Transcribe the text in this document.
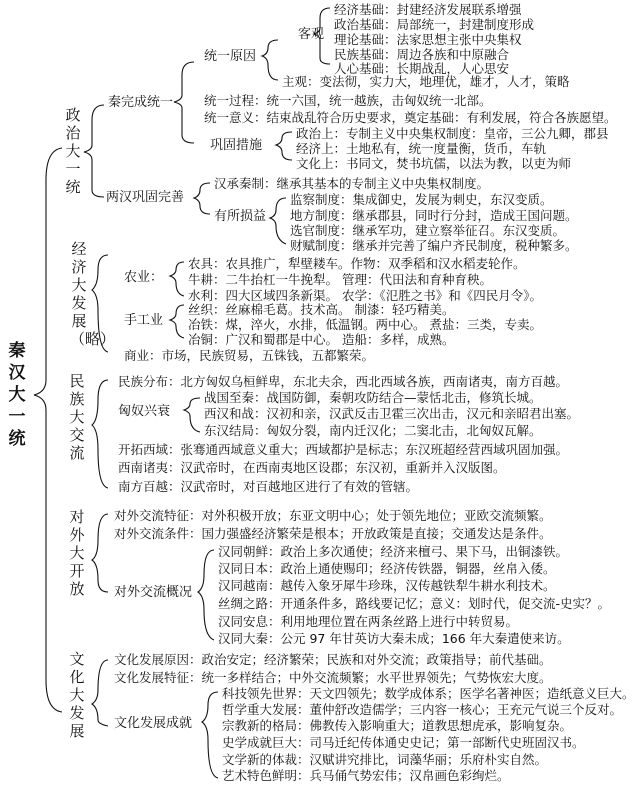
秦汉大一统
政治大一统
经济大发展（略）
民族大交流
对外大开放
文化大发展
秦完成统一
统一原因
客观
经济基础：封建经济发展联系增强
政治基础：局部统一，封建制度形成
理论基础：法家思想主张中央集权
民族基础：周边各族和中原融合
人心基础：长期战乱，人心思安
主观：变法彻，实力大，地理优，雄才，人才，策略
统一过程：统一六国，统一越族，击匈奴统一北部。
统一意义：结束战乱符合历史要求，奠定基础：有利发展，符合各族愿望。
巩固措施
政治上：专制主义中央集权制度：皇帝，三公九卿，郡县
经济上：土地私有，统一度量衡，货币，车轨
文化上：书同文，焚书坑儒，以法为教，以吏为师
两汉巩固完善
汉承秦制：继承其基本的专制主义中央集权制度。
有所损益
监察制度：集成御史，发展为刺史，东汉变质。
地方制度：继承郡县，同时行分封，造成王国问题。
选官制度：继承军功，建立察举征召。东汉变质。
财赋制度：继承并完善了编户齐民制度，税种繁多。
农业：
农具：农具推广，犁壁耧车。作物：双季稻和汉水稻麦轮作。
牛耕：二牛抬杠一牛挽犁。 管理：代田法和育种育秧。
水利：四大区域四条新渠。 农学：《氾胜之书》和《四民月令》。
手工业
丝织：丝麻棉毛葛。技术高。 制漆：轻巧精美。
冶铁：煤，淬火，水排，低温钢。两中心。 煮盐：三类，专卖。
冶铜：广汉和蜀郡是中心。 造船：多样，成熟。
商业：市场，民族贸易，五铢钱，五都繁荣。
民族分布：北方匈奴乌桓鲜卑，东北夫余，西北西域各族，西南诸夷，南方百越。
匈奴兴衰
战国至秦：战国防御，秦朝攻防结合—蒙恬北击，修筑长城。
西汉和战：汉初和亲，汉武反击卫霍三次出击，汉元和亲昭君出塞。
东汉结局：匈奴分裂，南内迁汉化；二窦北击，北匈奴瓦解。
开拓西域：张骞通西域意义重大；西域都护是标志；东汉班超经营西域巩固加强。
西南诸夷：汉武帝时，在西南夷地区设郡；东汉初，重新并入汉版图。
南方百越：汉武帝时，对百越地区进行了有效的管辖。
对外交流特征：对外积极开放；东亚文明中心；处于领先地位；亚欧交流频繁。
对外交流条件：国力强盛经济繁荣是根本；开放政策是直接；交通发达是条件。
对外交流概况
汉同朝鲜：政治上多次通使；经济来檀弓、果下马，出铜漆铁。
汉同日本：政治上通使赐印；经济传铁器，铜器，丝帛入倭。
汉同越南：越传入象牙犀牛珍珠，汉传越铁犁牛耕水利技术。
丝绸之路：开通条件多，路线要记忆；意义：划时代，促交流-史实？。
汉同安息：利用地理位置在两条丝路上进行中转贸易。
汉同大秦：公元 97 年甘英访大秦未成；166 年大秦遣使来访。
文化发展原因：政治安定；经济繁荣；民族和对外交流；政策指导；前代基础。
文化发展特征：统一多样结合；中外交流频繁；水平世界领先；气势恢宏大度。
文化发展成就
科技领先世界：天文四领先；数学成体系；医学名著神医；造纸意义巨大。
哲学重大发展：董仲舒改造儒学；三内容一核心；王充元气说三个反对。
宗教新的格局：佛教传入影响重大；道教思想虎承，影响复杂。
史学成就巨大：司马迁纪传体通史史记；第一部断代史班固汉书。
文学新的体裁：汉赋讲究排比，词藻华丽；乐府朴实自然。
艺术特色鲜明：兵马俑气势宏伟；汉帛画色彩绚烂。
